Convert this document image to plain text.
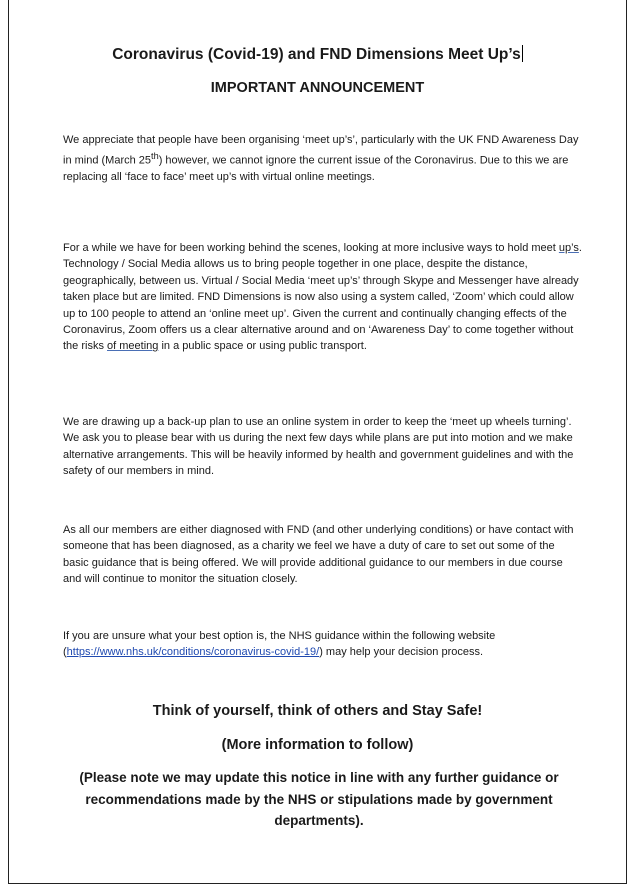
Coronavirus (Covid-19) and FND Dimensions Meet Up’s
IMPORTANT ANNOUNCEMENT

We appreciate that people have been organising ‘meet up’s’, particularly with the UK FND Awareness Day in mind (March 25th) however, we cannot ignore the current issue of the Coronavirus. Due to this we are replacing all ‘face to face’ meet up’s with virtual online meetings.

For a while we have for been working behind the scenes, looking at more inclusive ways to hold meet up’s. Technology / Social Media allows us to bring people together in one place, despite the distance, geographically, between us. Virtual / Social Media ‘meet up’s’ through Skype and Messenger have already taken place but are limited. FND Dimensions is now also using a system called, ‘Zoom’ which could allow up to 100 people to attend an ‘online meet up’. Given the current and continually changing effects of the Coronavirus, Zoom offers us a clear alternative around and on ‘Awareness Day’ to come together without the risks of meeting in a public space or using public transport.

We are drawing up a back-up plan to use an online system in order to keep the ‘meet up wheels turning’. We ask you to please bear with us during the next few days while plans are put into motion and we make alternative arrangements. This will be heavily informed by health and government guidelines and with the safety of our members in mind.

As all our members are either diagnosed with FND (and other underlying conditions) or have contact with someone that has been diagnosed, as a charity we feel we have a duty of care to set out some of the basic guidance that is being offered. We will provide additional guidance to our members in due course and will continue to monitor the situation closely.

If you are unsure what your best option is, the NHS guidance within the following website (https://www.nhs.uk/conditions/coronavirus-covid-19/) may help your decision process.

Think of yourself, think of others and Stay Safe!

(More information to follow)

(Please note we may update this notice in line with any further guidance or recommendations made by the NHS or stipulations made by government departments).
